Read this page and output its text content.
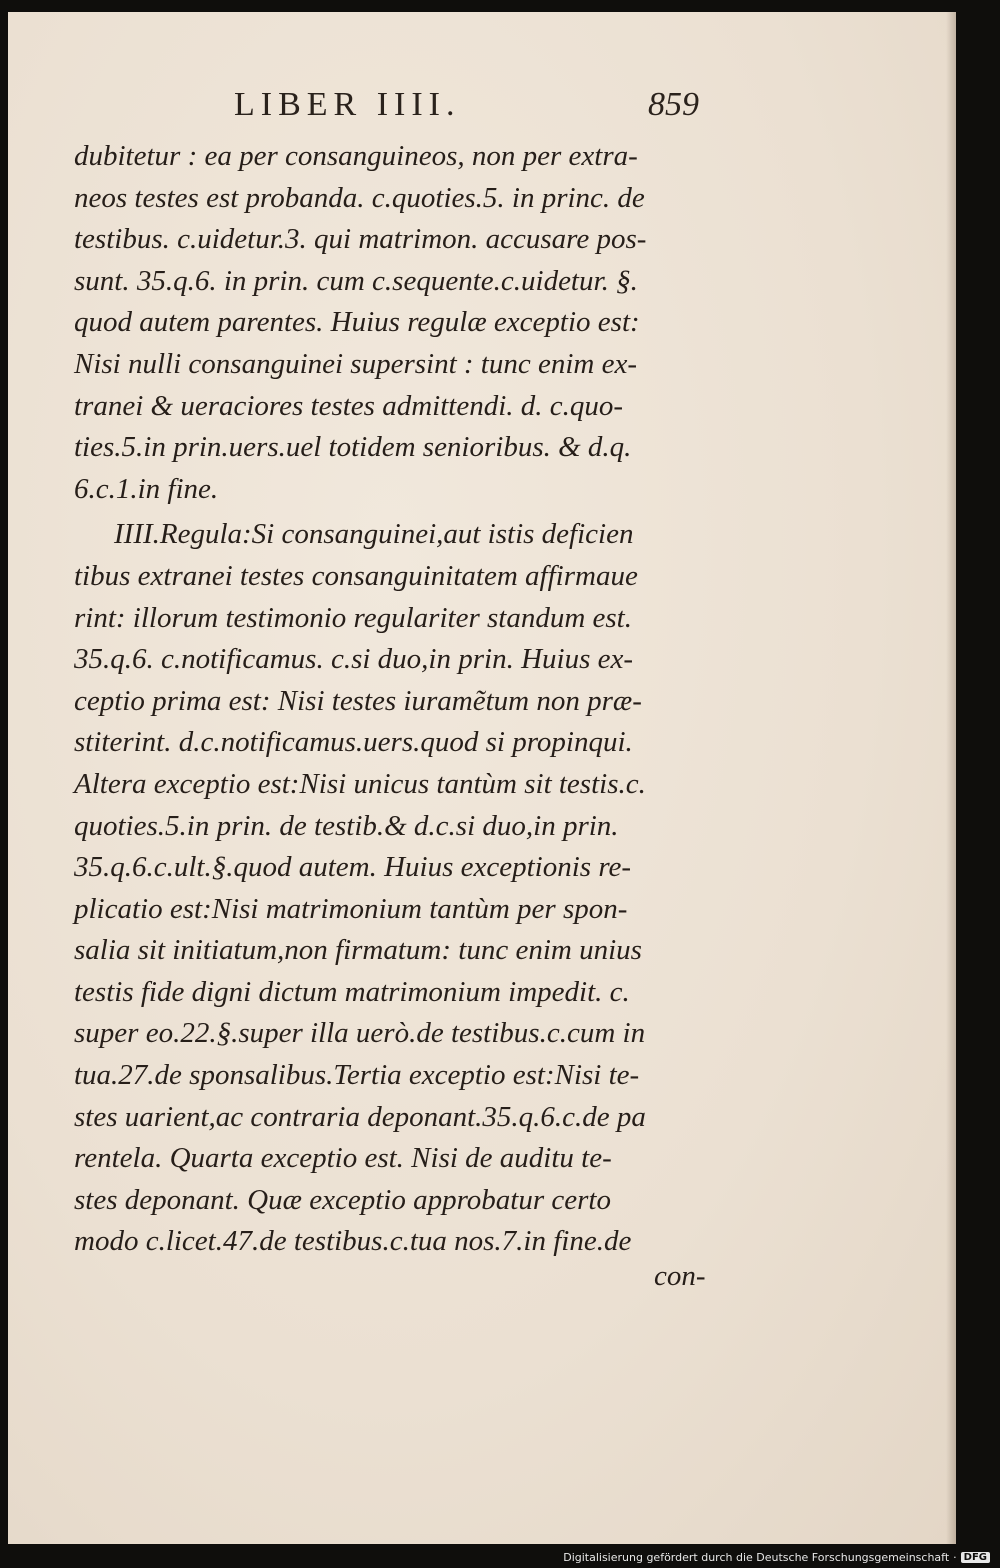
LIBER IIII.	859
dubitetur : ea per consanguineos, non per extra-
neos testes est probanda. c.quoties.5. in princ. de
testibus. c.uidetur.3. qui matrimon. accusare pos-
sunt. 35.q.6. in prin. cum c.sequente.c.uidetur. §.
quod autem parentes. Huius regulæ exceptio est:
Nisi nulli consanguinei supersint : tunc enim ex-
tranei & ueraciores testes admittendi. d. c.quo-
ties.5.in prin.uers.uel totidem senioribus. & d.q.
6.c.1.in fine.
IIII.Regula:Si consanguinei,aut istis deficien
tibus extranei testes consanguinitatem affirmaue
rint: illorum testimonio regulariter standum est.
35.q.6. c.notificamus. c.si duo,in prin. Huius ex-
ceptio prima est: Nisi testes iuramẽtum non præ-
stiterint. d.c.notificamus.uers.quod si propinqui.
Altera exceptio est:Nisi unicus tantùm sit testis.c.
quoties.5.in prin. de testib.& d.c.si duo,in prin.
35.q.6.c.ult.§.quod autem. Huius exceptionis re-
plicatio est:Nisi matrimonium tantùm per spon-
salia sit initiatum,non firmatum: tunc enim unius
testis fide digni dictum matrimonium impedit. c.
super eo.22.§.super illa uerò.de testibus.c.cum in
tua.27.de sponsalibus.Tertia exceptio est:Nisi te-
stes uarient,ac contraria deponant.35.q.6.c.de pa
rentela. Quarta exceptio est. Nisi de auditu te-
stes deponant. Quæ exceptio approbatur certo
modo c.licet.47.de testibus.c.tua nos.7.in fine.de
con-
Digitalisierung gefördert durch die Deutsche Forschungsgemeinschaft · DFG
